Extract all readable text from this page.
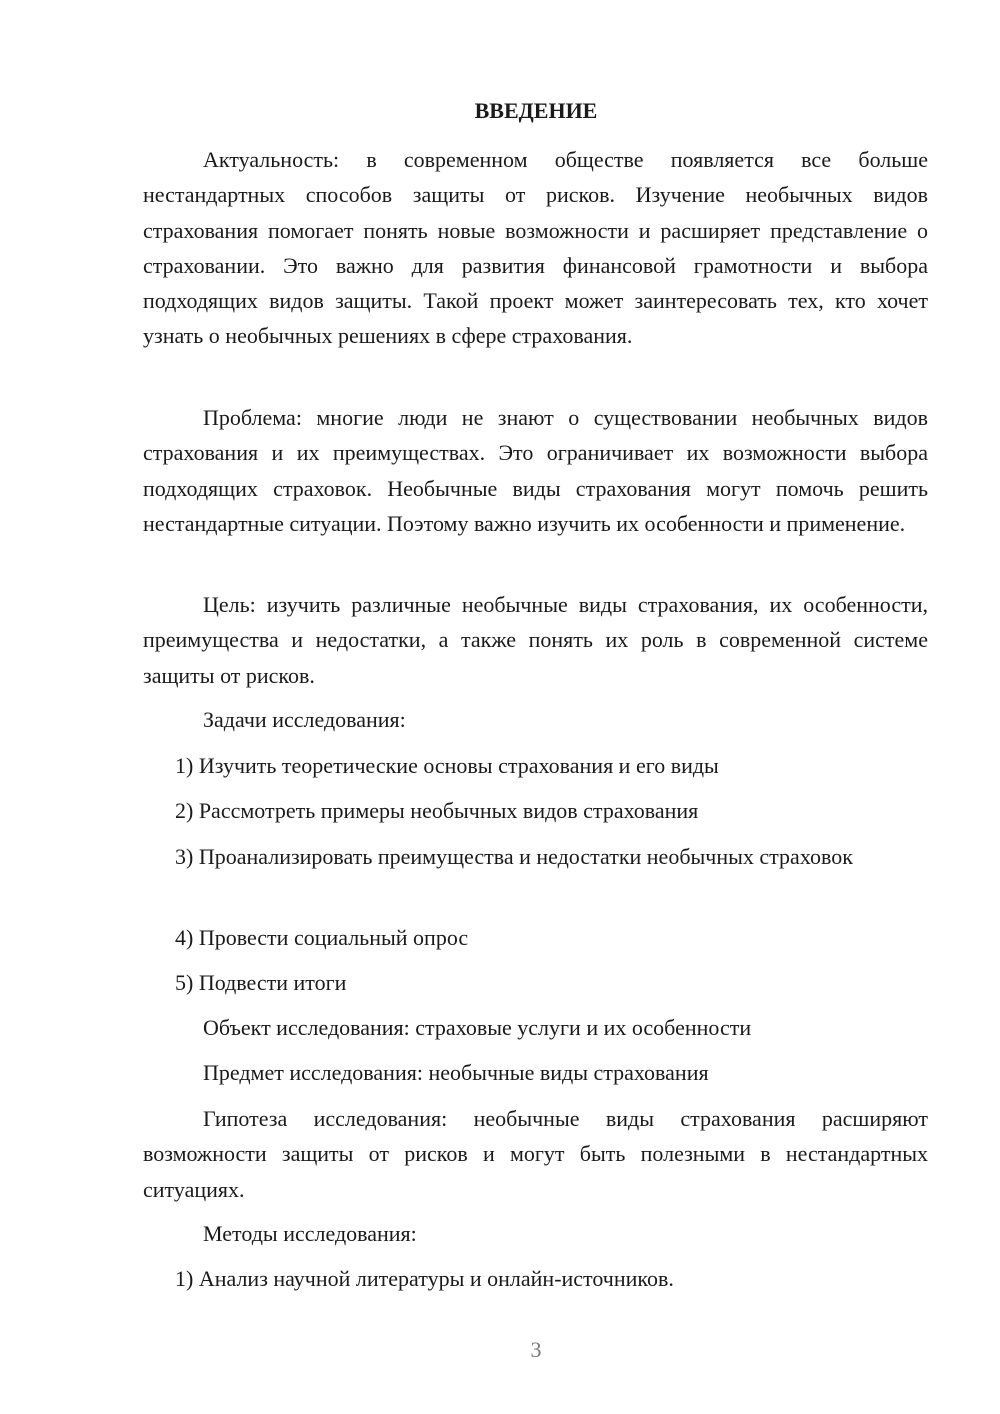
ВВЕДЕНИЕ

Актуальность: в современном обществе появляется все больше нестандартных способов защиты от рисков. Изучение необычных видов страхования помогает понять новые возможности и расширяет представление о страховании. Это важно для развития финансовой грамотности и выбора подходящих видов защиты. Такой проект может заинтересовать тех, кто хочет узнать о необычных решениях в сфере страхования.

Проблема: многие люди не знают о существовании необычных видов страхования и их преимуществах. Это ограничивает их возможности выбора подходящих страховок. Необычные виды страхования могут помочь решить нестандартные ситуации. Поэтому важно изучить их особенности и применение.

Цель: изучить различные необычные виды страхования, их особенности, преимущества и недостатки, а также понять их роль в современной системе защиты от рисков.

Задачи исследования:

1) Изучить теоретические основы страхования и его виды

2) Рассмотреть примеры необычных видов страхования

3) Проанализировать преимущества и недостатки необычных страховок

4) Провести социальный опрос

5) Подвести итоги

Объект исследования: страховые услуги и их особенности

Предмет исследования: необычные виды страхования

Гипотеза исследования: необычные виды страхования расширяют возможности защиты от рисков и могут быть полезными в нестандартных ситуациях.

Методы исследования:

1) Анализ научной литературы и онлайн-источников.

3
